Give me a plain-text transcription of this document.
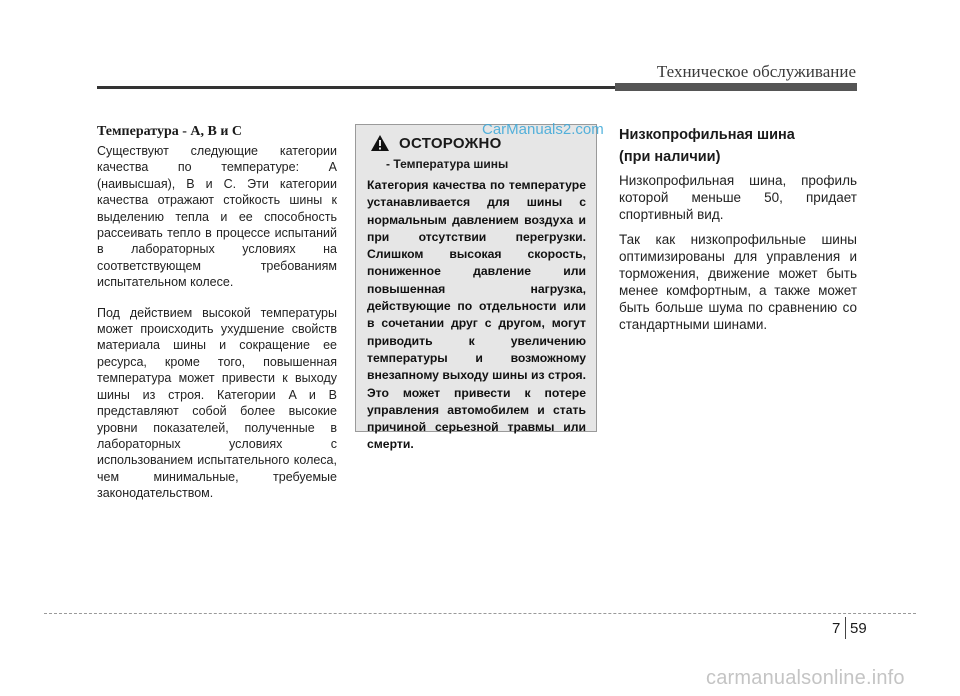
Техническое обслуживание
Температура - A, B и C

Существуют следующие категории качества по температуре: A (наивысшая), B и C. Эти категории качества отражают стойкость шины к выделению тепла и ее способность рассеивать тепло в процессе испытаний в лабораторных условиях на соответствующем требованиям испытательном колесе.

Под действием высокой температуры может происходить ухудшение свойств материала шины и сокращение ее ресурса, кроме того, повышенная температура может привести к выходу шины из строя. Категории A и B представляют собой более высокие уровни показателей, полученные в лабораторных условиях с использованием испытательного колеса, чем минимальные, требуемые законодательством.

ОСТОРОЖНО
- Температура шины

Категория качества по температуре устанавливается для шины с нормальным давлением воздуха и при отсутствии перегрузки. Слишком высокая скорость, пониженное давление или повышенная нагрузка, действующие по отдельности или в сочетании друг с другом, могут приводить к увеличению температуры и возможному внезапному выходу шины из строя. Это может привести к потере управления автомобилем и стать причиной серьезной травмы или смерти.

CarManuals2.com Низкопрофильная шина
(при наличии)

Низкопрофильная шина, профиль которой меньше 50, придает спортивный вид.

Так как низкопрофильные шины оптимизированы для управления и торможения, движение может быть менее комфортным, а также может быть больше шума по сравнению со стандартными шинами.

7 59
carmanualsonline.info
